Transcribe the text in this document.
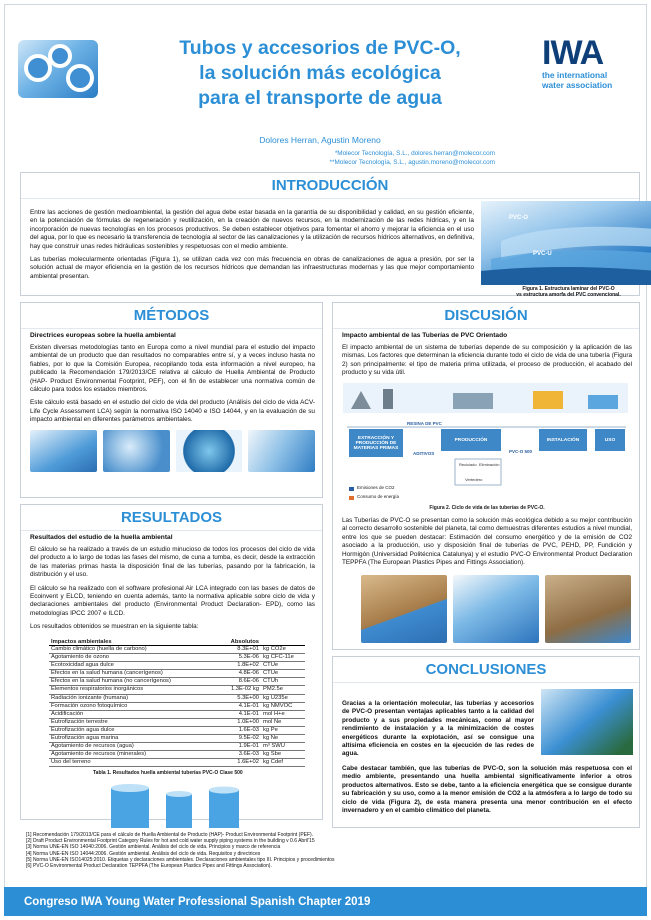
Tubos y accesorios de PVC-O,
la solución más ecológica
para el transporte de agua
Dolores Herran, Agustin Moreno
*Molecor Tecnología, S.L., dolores.herran@molecor.com
**Molecor Tecnología, S.L., agustin.moreno@molecor.com
IWA
the international
water association
INTRODUCCIÓN

Entre las acciones de gestión medioambiental, la gestión del agua debe estar basada en la garantía de su disponibilidad y calidad, en su gestión eficiente, en la potenciación de fórmulas de regeneración y reutilización, en la creación de nuevos recursos, en la modernización de las redes hídricas, y en la incorporación de nuevas tecnologías en los procesos productivos. Se deben establecer objetivos para fomentar el ahorro y mejorar la eficiencia en el uso del agua, por lo que es necesario la transferencia de tecnología al sector de las canalizaciones y la utilización de recursos hídricos alternativos, en definitiva, hay que construir unas redes hidráulicas sostenibles y respetuosas con el medio ambiente.

Las tuberías molecularmente orientadas (Figura 1), se utilizan cada vez con más frecuencia en obras de canalizaciones de agua a presión, por ser la solución actual de mayor eficiencia en la gestión de los recursos hídricos que demandan las infraestructuras modernas y las que mejor comportamiento ambiental presentan.

PVC-O
PVC-U
Figura 1. Estructura laminar del PVC-O
vs estructura amorfa del PVC convencional.
MÉTODOS
Directrices europeas sobre la huella ambiental

Existen diversas metodologías tanto en Europa como a nivel mundial para el estudio del impacto ambiental de un producto que dan resultados no comparables entre sí, y a veces incluso hasta no fiables, por lo que la Comisión Europea, recopilando toda esta información a nivel europeo, ha publicado la Recomendación 179/2013/CE relativa al cálculo de Huella Ambiental de Producto (HAP- Product Environmental Footprint, PEF), con el fin de establecer una normativa común de cálculo para todos los estados miembros.

Este cálculo está basado en el estudio del ciclo de vida del producto (Análisis del ciclo de vida ACV- Life Cycle Assessment LCA) según la normativa ISO 14040 e ISO 14044, y en la evaluación de su impacto ambiental en diferentes parámetros ambientales.

RESULTADOS
Resultados del estudio de la huella ambiental

El cálculo se ha realizado a través de un estudio minucioso de todos los procesos del ciclo de vida del producto a lo largo de todas las fases del mismo, de cuna a tumba, es decir, desde la extracción de las materias primas hasta la disposición final de las tuberías, pasando por la fabricación, la distribución y el uso.

El cálculo se ha realizado con el software profesional Air LCA integrado con las bases de datos de Ecoinvent y ELCD, teniendo en cuenta además, tanto la normativa aplicable sobre ciclo de vida y declaraciones ambientales del producto (Environmental Product Declaration- EPD), como las metodologías IPCC 2007 e ILCD.

Los resultados obtenidos se muestran en la siguiente tabla:

Impactos ambientales	Absolutos	
Cambio climático (huella de carbono)	8.3E+01	kg CO2e
Agotamiento de ozono	5.3E-06	kg CFC-11e
Ecotoxicidad agua dulce	1.8E+02	CTUe
Efectos en la salud humana (cancerígenos)	4.8E-06	CTUe
Efectos en la salud humana (no cancerígenos)	8.6E-06	CTUh
Elementos respiratorios inorgánicos	1.3E-02 kg	PM2.5e
Radiación ionizante (humana)	5.3E+00	kg U235e
Formación ozono fotoquímico	4.1E-01	kg NMVOC
Acidificación	4.1E-01	mol H+e
Eutrofización terrestre	1.0E+00	mol Ne
Eutrofización agua dulce	1.6E-03	kg Pe
Eutrofización agua marina	9.5E-02	kg Ne
Agotamiento de recursos (agua)	1.9E-01	m³ SWU
Agotamiento de recursos (minerales)	3.6E-03	kg Sbe
Uso del terreno	1.6E+02	kg Cdef
Tabla 1. Resultados huella ambiental tuberías PVC-O Clase 500
DISCUSIÓN
Impacto ambiental de las Tuberías de PVC Orientado

El impacto ambiental de un sistema de tuberías depende de su composición y la aplicación de las mismas. Los factores que determinan la eficiencia durante todo el ciclo de vida de una tubería (Figura 2) son principalmente: el tipo de materia prima utilizada, el proceso de producción, el acabado del producto y su vida útil.

EXTRACCIÓN Y PRODUCCIÓN DE MATERIAS PRIMAS
PRODUCCIÓN	INSTALACIÓN	USO
RESINA DE PVC
ADITIVOS	PVC-O 500
Reciclado Eliminación
Vertedero
Emisiones de CO2
Consumo de energía
Figura 2. Ciclo de vida de las tuberías de PVC-O.

Las Tuberías de PVC-O se presentan como la solución más ecológica debido a su mejor contribución al correcto desarrollo sostenible del planeta, tal como demuestras diferentes estudios a nivel mundial, entre los que se pueden destacar: Estimación del consumo energético y de la emisión de CO2 asociado a la producción, uso y disposición final de tuberías de PVC, PEHD, PP, Fundición y Hormigón (Universidad Politécnica Catalunya) y el estudio PVC-O Environmental Product Declaration TEPPFA (The European Plastics Pipes and Fittings Association).

CONCLUSIONES

Gracias a la orientación molecular, las tuberías y accesorios de PVC-O presentan ventajas aplicables tanto a la calidad del producto y a sus propiedades mecánicas, como al mayor rendimiento de instalación y a la minimización de costes energéticos durante la explotación, así se consigue una altísima eficiencia en costes en la ejecución de las redes de agua.

Cabe destacar también, que las tuberías de PVC-O, son la solución más respetuosa con el medio ambiente, presentando una huella ambiental significativamente inferior a otros productos alternativos. Esto se debe, tanto a la eficiencia energética que se consigue durante su fabricación y su uso, como a la menor emisión de CO2 a la atmósfera a lo largo de todo su ciclo de vida (Figura 2), de esta manera presenta una menor contribución en el efecto invernadero y en el cambio climático del planeta.

[1] Recomendación 179/2013/CE para el cálculo de Huella Ambiental de Producto (HAP)- Product Environmental Footprint (PEF).
[2] Draft Product Environmental Footprint Category Rules for hot and cold water supply piping systems in the building v 0.6 Abril'15
[3] Norma UNE-EN ISO 14040:2006. Gestión ambiental. Análisis del ciclo de vida. Principios y marco de referencia
[4] Norma UNE-EN ISO 14044:2006. Gestión ambiental. Análisis del ciclo de vida. Requisitos y directrices
[5] Norma UNE-EN ISO14025:2010. Etiquetas y declaraciones ambientales. Declaraciones ambientales tipo III. Principios y procedimientos
[6] PVC-O Environmental Product Declaration TEPPFA (The European Plastics Pipes and Fittings Association).
Congreso IWA Young Water Professional Spanish Chapter 2019
